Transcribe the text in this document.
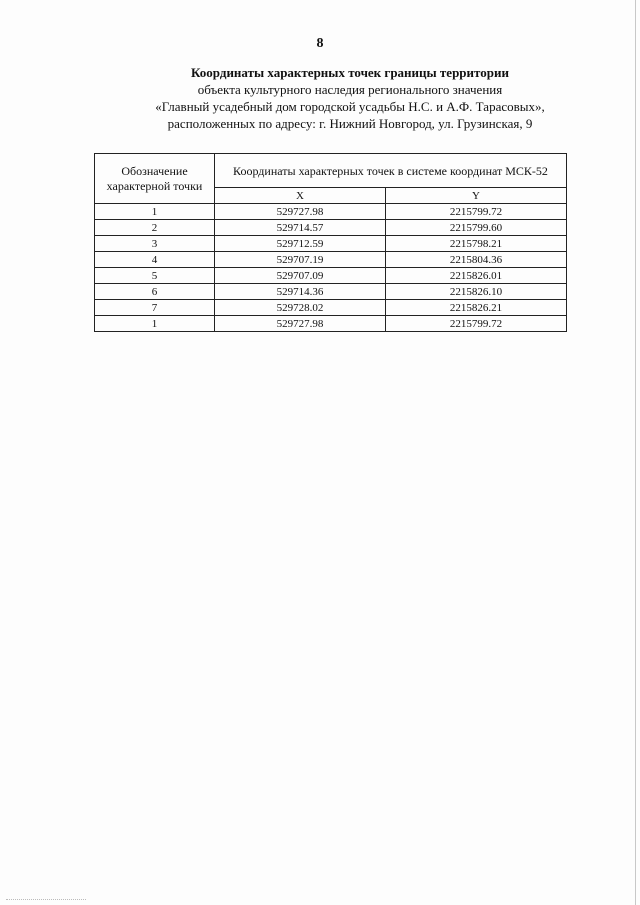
8
Координаты характерных точек границы территории
объекта культурного наследия регионального значения
«Главный усадебный дом городской усадьбы Н.С. и А.Ф. Тарасовых»,
расположенных по адресу: г. Нижний Новгород, ул. Грузинская, 9
Обозначение характерной точки	Координаты характерных точек в системе координат МСК-52	
	X	Y
1	529727.98	2215799.72
2	529714.57	2215799.60
3	529712.59	2215798.21
4	529707.19	2215804.36
5	529707.09	2215826.01
6	529714.36	2215826.10
7	529728.02	2215826.21
1	529727.98	2215799.72
